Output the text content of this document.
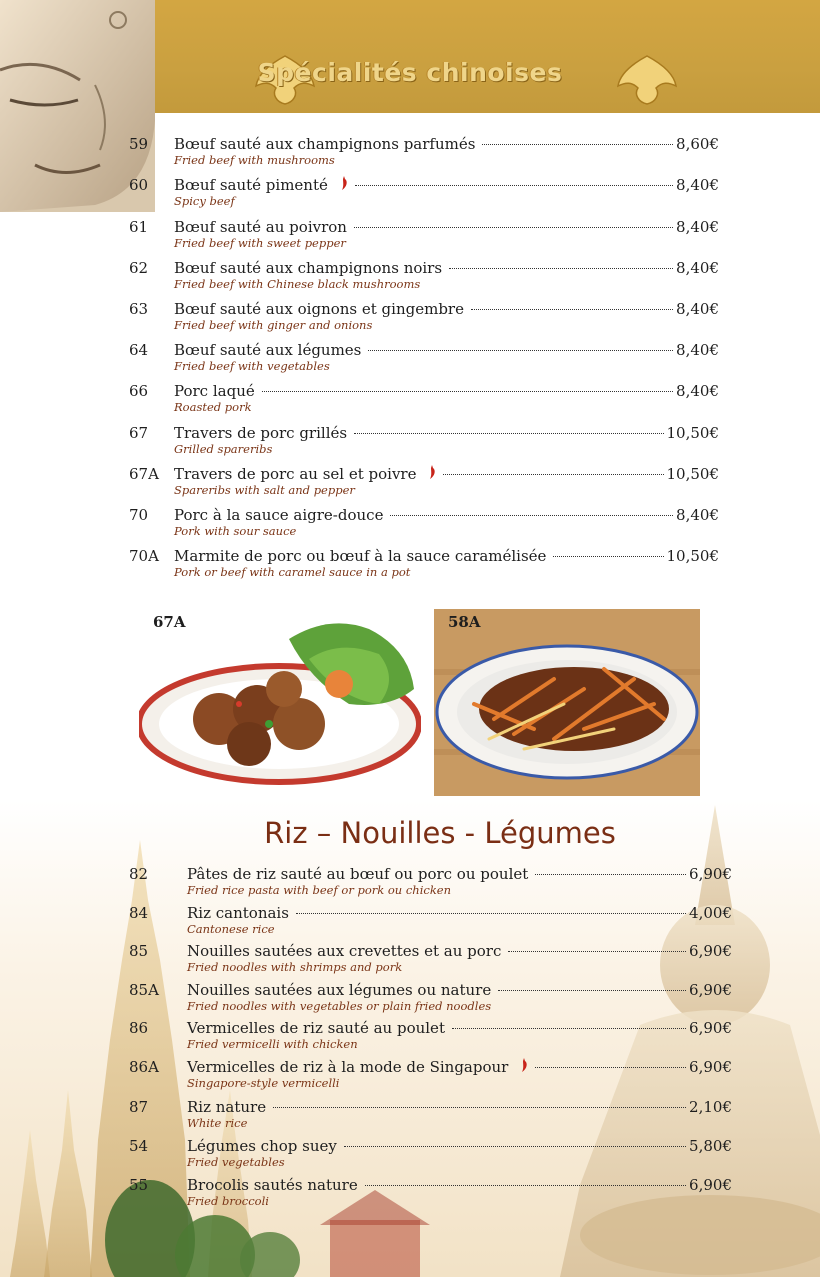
Spécialités chinoises
59 Bœuf sauté aux champignons parfumés	8,60€
Fried beef with mushrooms
60 Bœuf sauté pimenté	8,40€
Spicy beef
61 Bœuf sauté au poivron	8,40€
Fried beef with sweet pepper
62 Bœuf sauté aux champignons noirs	8,40€
Fried beef with Chinese black mushrooms
63 Bœuf sauté aux oignons et gingembre	8,40€
Fried beef with ginger and onions
64 Bœuf sauté aux légumes	8,40€
Fried beef with vegetables
66 Porc laqué	8,40€
Roasted pork
67 Travers de porc grillés	10,50€
Grilled spareribs
67A Travers de porc au sel et poivre	10,50€
Spareribs with salt and pepper
70 Porc à la sauce aigre-douce	8,40€
Pork with sour sauce
70A Marmite de porc ou bœuf à la sauce caramélisée	10,50€
Pork or beef with caramel sauce in a pot
67A	58A
Riz – Nouilles - Légumes
82	Pâtes de riz sauté au bœuf ou porc ou poulet	6,90€
Fried rice pasta with beef or pork ou chicken
84	Riz cantonais	4,00€
Cantonese rice
85	Nouilles sautées aux crevettes et au porc	6,90€
Fried noodles with shrimps and pork
85A Nouilles sautées aux légumes ou nature	6,90€
Fried noodles with vegetables or plain fried noodles
86	Vermicelles de riz sauté au poulet	6,90€
Fried vermicelli with chicken
86A Vermicelles de riz à la mode de Singapour	6,90€
Singapore-style vermicelli
87	Riz nature	2,10€
White rice
54	Légumes chop suey	5,80€
Fried vegetables
55	Brocolis sautés nature	6,90€
Fried broccoli
